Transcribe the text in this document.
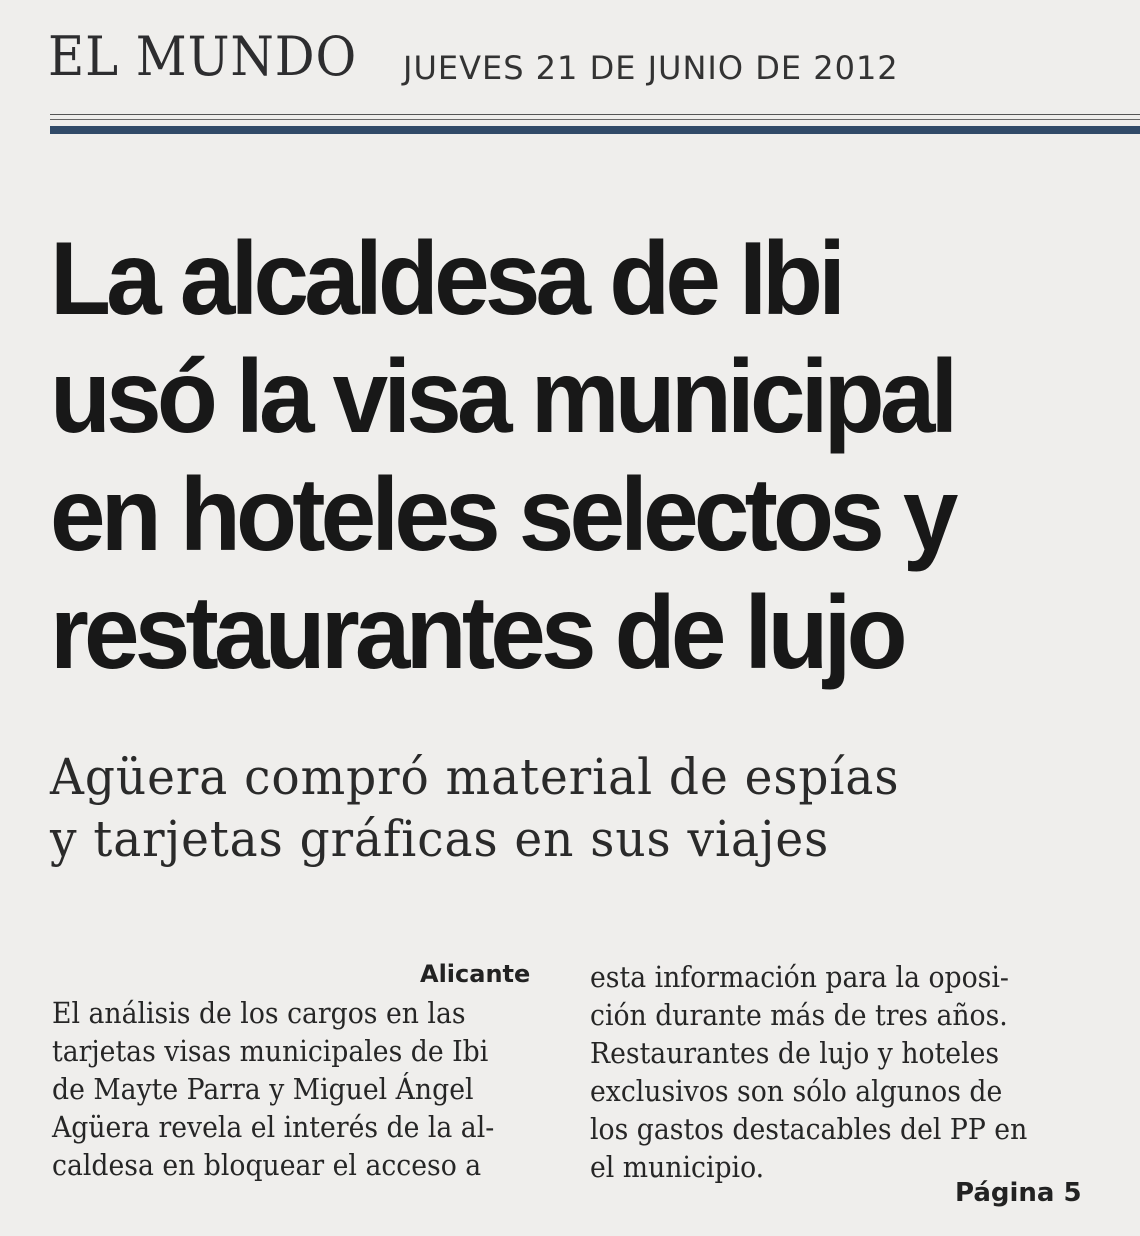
EL MUNDO JUEVES 21 DE JUNIO DE 2012
La alcaldesa de Ibi
usó la visa municipal
en hoteles selectos y
restaurantes de lujo
Agüera compró material de espías
y tarjetas gráficas en sus viajes
Alicante
El análisis de los cargos en las
tarjetas visas municipales de Ibi
de Mayte Parra y Miguel Ángel
Agüera revela el interés de la al-
caldesa en bloquear el acceso a
esta información para la oposi-
ción durante más de tres años.
Restaurantes de lujo y hoteles
exclusivos son sólo algunos de
los gastos destacables del PP en
el municipio.
Página 5
